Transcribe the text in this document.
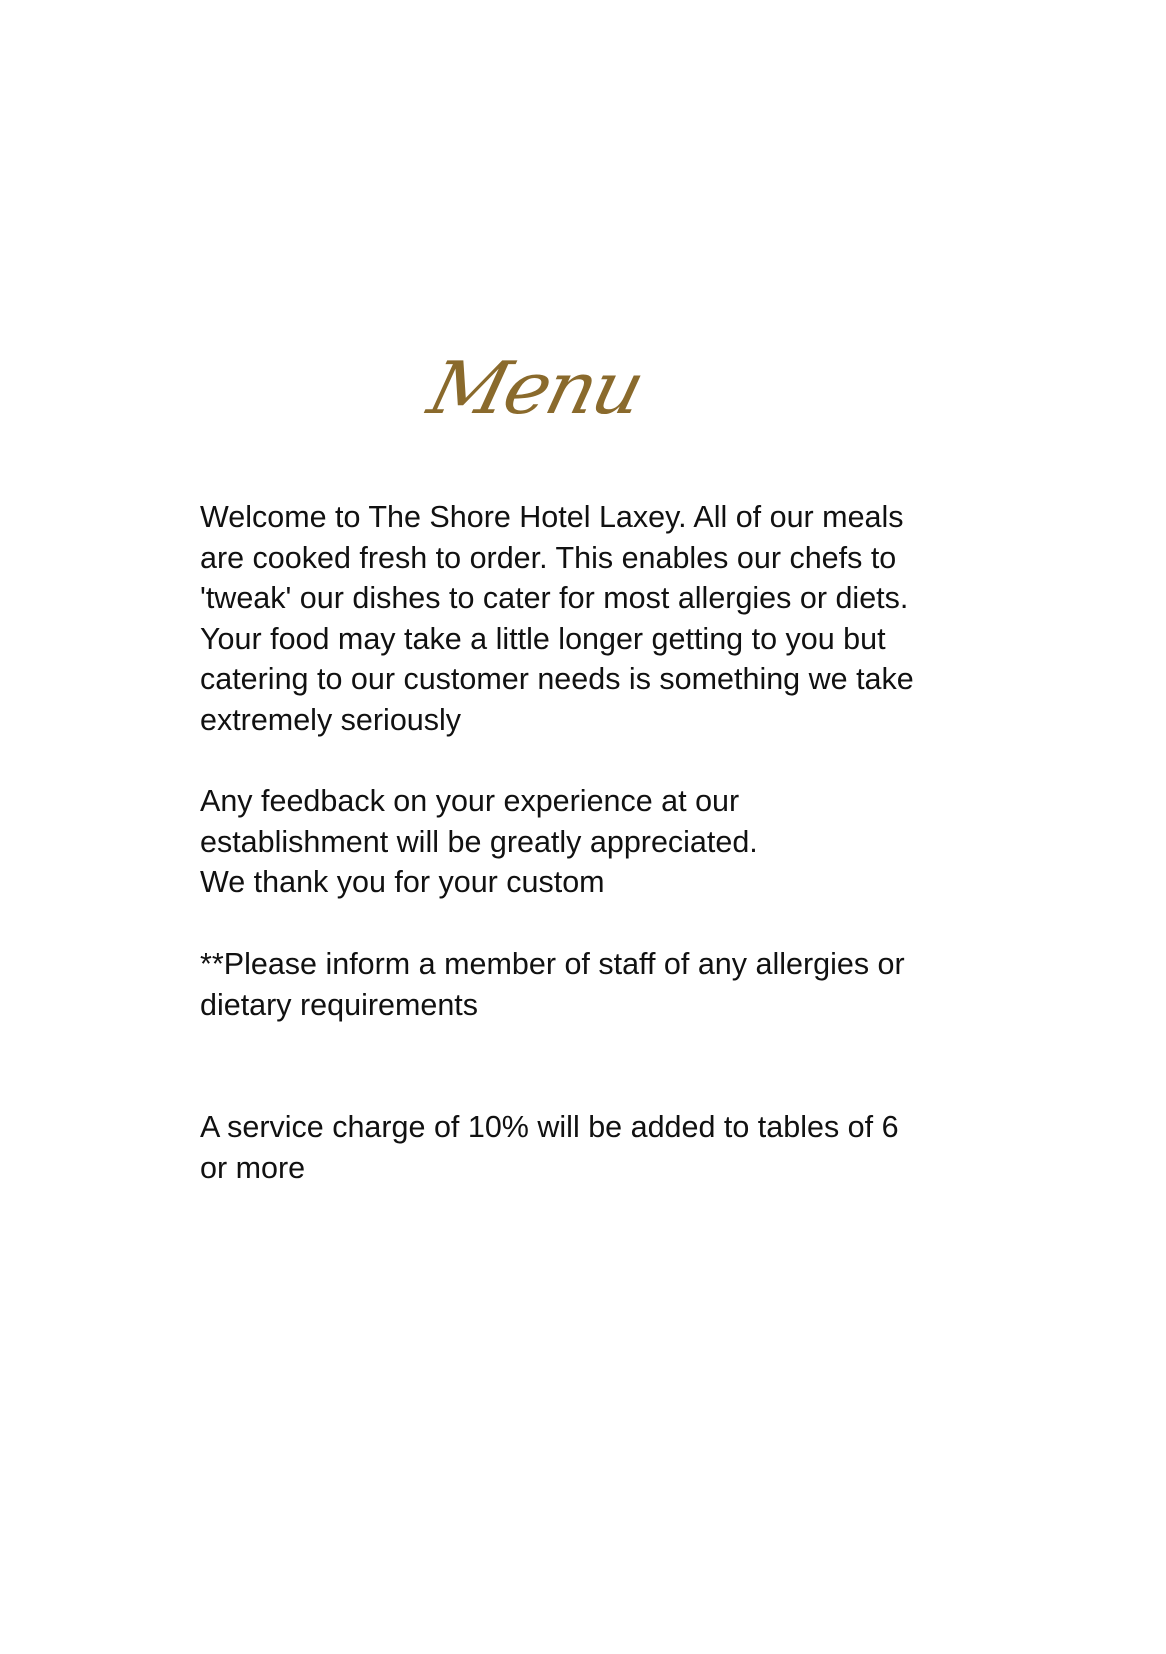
Menu

Welcome to The Shore Hotel Laxey. All of our meals
are cooked fresh to order. This enables our chefs to
'tweak' our dishes to cater for most allergies or diets.
Your food may take a little longer getting to you but
catering to our customer needs is something we take
extremely seriously

Any feedback on your experience at our
establishment will be greatly appreciated.
We thank you for your custom

**Please inform a member of staff of any allergies or
dietary requirements

A service charge of 10% will be added to tables of 6
or more
